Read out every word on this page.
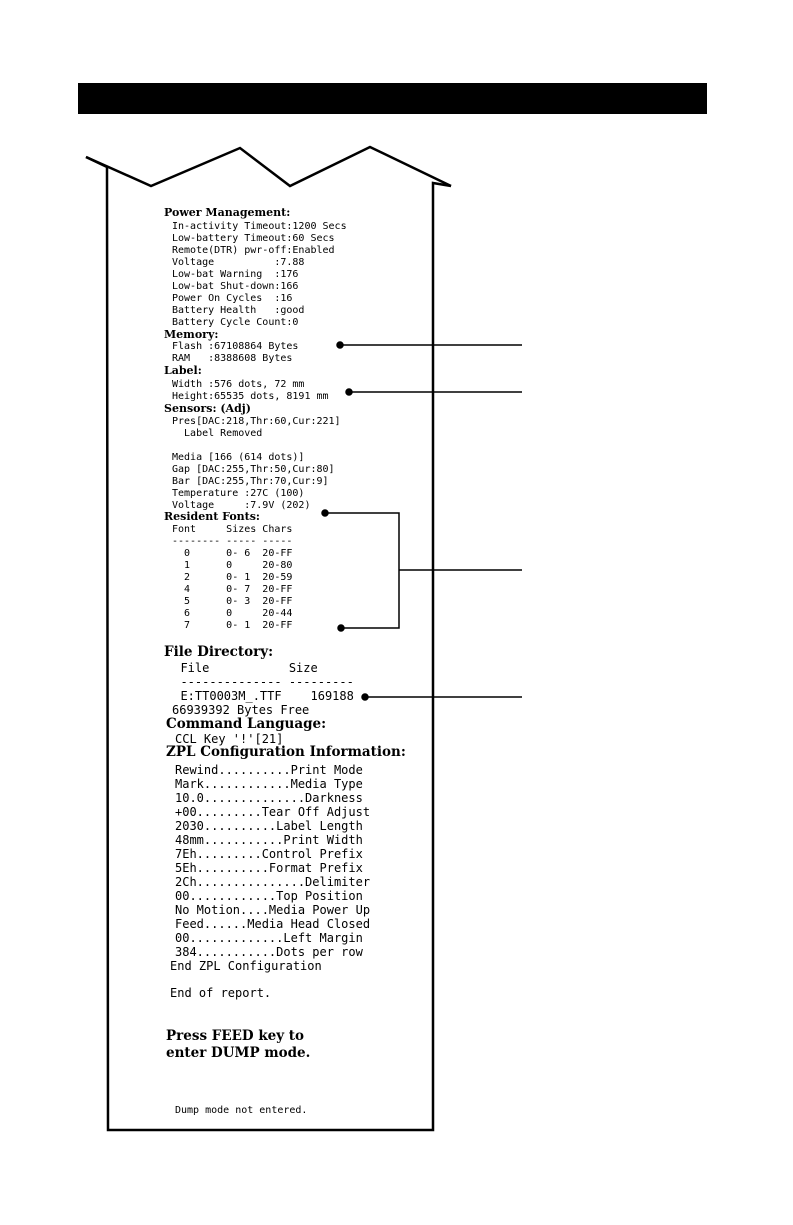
Power Management:
In-activity Timeout:1200 Secs
Low-battery Timeout:60 Secs
Remote(DTR) pwr-off:Enabled
Voltage          :7.88
Low-bat Warning  :176
Low-bat Shut-down:166
Power On Cycles  :16
Battery Health   :good
Battery Cycle Count:0
Memory:
Flash :67108864 Bytes
RAM   :8388608 Bytes
Label:
Width :576 dots, 72 mm
Height:65535 dots, 8191 mm
Sensors: (Adj)
Pres[DAC:218,Thr:60,Cur:221]
Label Removed
Media [166 (614 dots)]
Gap [DAC:255,Thr:50,Cur:80]
Bar [DAC:255,Thr:70,Cur:9]
Temperature :27C (100)
Voltage     :7.9V (202)
Resident Fonts:
Font     Sizes Chars
-------- ----- -----
0      0- 6  20-FF
1      0     20-80
2      0- 1  20-59
4      0- 7  20-FF
5      0- 3  20-FF
6      0     20-44
7      0- 1  20-FF
File Directory:
File           Size
-------------- ---------
E:TT0003M_.TTF    169188
66939392 Bytes Free
Command Language:
CCL Key '!'[21]
ZPL Configuration Information:
Rewind..........Print Mode
Mark............Media Type
10.0..............Darkness
+00.........Tear Off Adjust
2030..........Label Length
48mm...........Print Width
7Eh.........Control Prefix
5Eh..........Format Prefix
2Ch...............Delimiter
00............Top Position
No Motion....Media Power Up
Feed......Media Head Closed
00.............Left Margin
384...........Dots per row
End ZPL Configuration
End of report.
Press FEED key to
enter DUMP mode.
Dump mode not entered.
